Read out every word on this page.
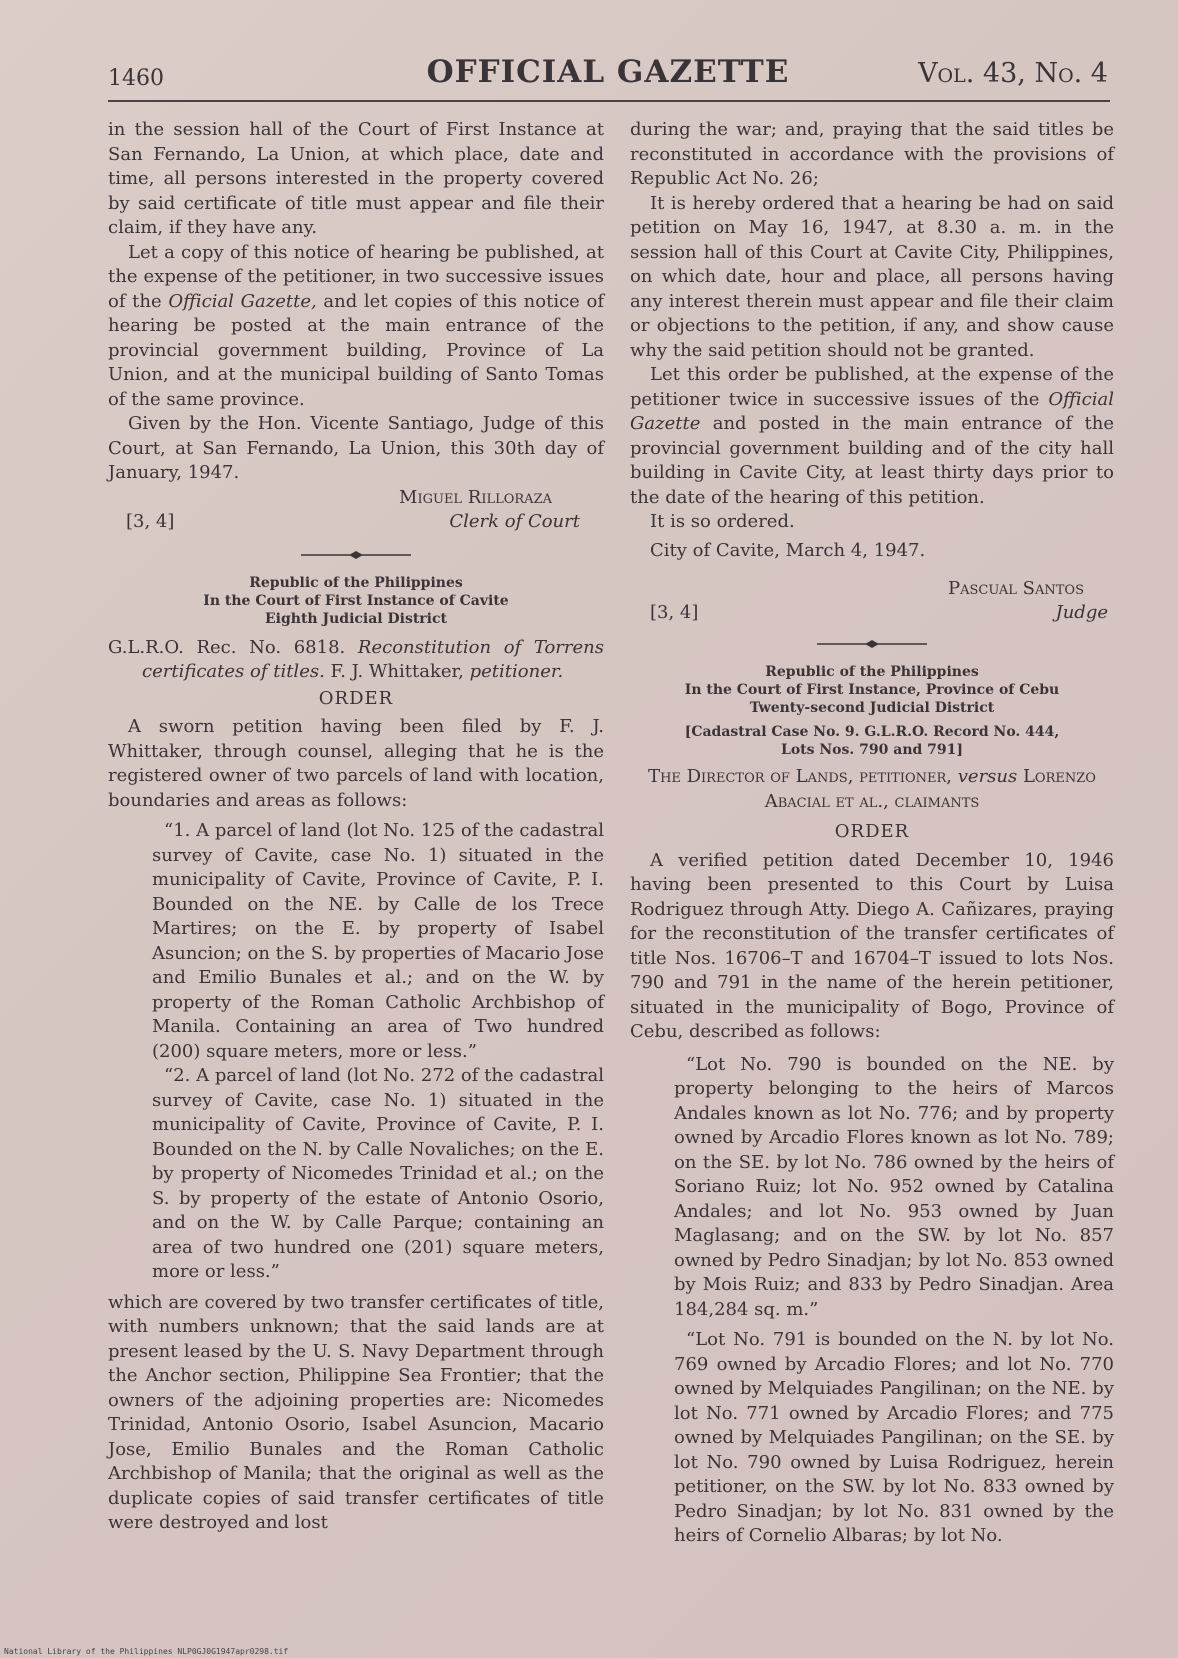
1460	OFFICIAL GAZETTE	Vol. 43, No. 4

in the session hall of the Court of First Instance at San Fernando, La Union, at which place, date and time, all persons interested in the property covered by said certificate of title must appear and file their claim, if they have any.

Let a copy of this notice of hearing be published, at the expense of the petitioner, in two successive issues of the Official Gazette, and let copies of this notice of hearing be posted at the main entrance of the provincial government building, Province of La Union, and at the municipal building of Santo Tomas of the same province.

Given by the Hon. Vicente Santiago, Judge of this Court, at San Fernando, La Union, this 30th day of January, 1947.

Miguel Rilloraza
[3, 4]	Clerk of Court
Republic of the Philippines
In the Court of First Instance of Cavite
Eighth Judicial District

G.L.R.O. Rec. No. 6818. Reconstitution of Torrens certificates of titles. F. J. Whittaker, petitioner.

ORDER

A sworn petition having been filed by F. J. Whittaker, through counsel, alleging that he is the registered owner of two parcels of land with location, boundaries and areas as follows:

“1. A parcel of land (lot No. 125 of the cadastral survey of Cavite, case No. 1) situated in the municipality of Cavite, Province of Cavite, P. I. Bounded on the NE. by Calle de los Trece Martires; on the E. by property of Isabel Asuncion; on the S. by properties of Macario Jose and Emilio Bunales et al.; and on the W. by property of the Roman Catholic Archbishop of Manila. Containing an area of Two hundred (200) square meters, more or less.”

“2. A parcel of land (lot No. 272 of the cadastral survey of Cavite, case No. 1) situated in the municipality of Cavite, Province of Cavite, P. I. Bounded on the N. by Calle Novaliches; on the E. by property of Nicomedes Trinidad et al.; on the S. by property of the estate of Antonio Osorio, and on the W. by Calle Parque; containing an area of two hundred one (201) square meters, more or less.”

which are covered by two transfer certificates of title, with numbers unknown; that the said lands are at present leased by the U. S. Navy Department through the Anchor section, Philippine Sea Frontier; that the owners of the adjoining properties are: Nicomedes Trinidad, Antonio Osorio, Isabel Asuncion, Macario Jose, Emilio Bunales and the Roman Catholic Archbishop of Manila; that the original as well as the duplicate copies of said transfer certificates of title were destroyed and lost

during the war; and, praying that the said titles be reconstituted in accordance with the provisions of Republic Act No. 26;

It is hereby ordered that a hearing be had on said petition on May 16, 1947, at 8.30 a. m. in the session hall of this Court at Cavite City, Philippines, on which date, hour and place, all persons having any interest therein must appear and file their claim or objections to the petition, if any, and show cause why the said petition should not be granted.

Let this order be published, at the expense of the petitioner twice in successive issues of the Official Gazette and posted in the main entrance of the provincial government building and of the city hall building in Cavite City, at least thirty days prior to the date of the hearing of this petition.

It is so ordered.

City of Cavite, March 4, 1947.

Pascual Santos
[3, 4]	Judge
Republic of the Philippines
In the Court of First Instance, Province of Cebu
Twenty-second Judicial District
[Cadastral Case No. 9. G.L.R.O. Record No. 444,
Lots Nos. 790 and 791]

The Director of Lands, petitioner, versus Lorenzo Abacial et al., claimants

ORDER

A verified petition dated December 10, 1946 having been presented to this Court by Luisa Rodriguez through Atty. Diego A. Cañizares, praying for the reconstitution of the transfer certificates of title Nos. 16706–T and 16704–T issued to lots Nos. 790 and 791 in the name of the herein petitioner, situated in the municipality of Bogo, Province of Cebu, described as follows:

“Lot No. 790 is bounded on the NE. by property belonging to the heirs of Marcos Andales known as lot No. 776; and by property owned by Arcadio Flores known as lot No. 789; on the SE. by lot No. 786 owned by the heirs of Soriano Ruiz; lot No. 952 owned by Catalina Andales; and lot No. 953 owned by Juan Maglasang; and on the SW. by lot No. 857 owned by Pedro Sinadjan; by lot No. 853 owned by Mois Ruiz; and 833 by Pedro Sinadjan. Area 184,284 sq. m.”

“Lot No. 791 is bounded on the N. by lot No. 769 owned by Arcadio Flores; and lot No. 770 owned by Melquiades Pangilinan; on the NE. by lot No. 771 owned by Arcadio Flores; and 775 owned by Melquiades Pangilinan; on the SE. by lot No. 790 owned by Luisa Rodriguez, herein petitioner, on the SW. by lot No. 833 owned by Pedro Sinadjan; by lot No. 831 owned by the heirs of Cornelio Albaras; by lot No.

National Library of the Philippines NLP0GJ0G1947apr0298.tif
